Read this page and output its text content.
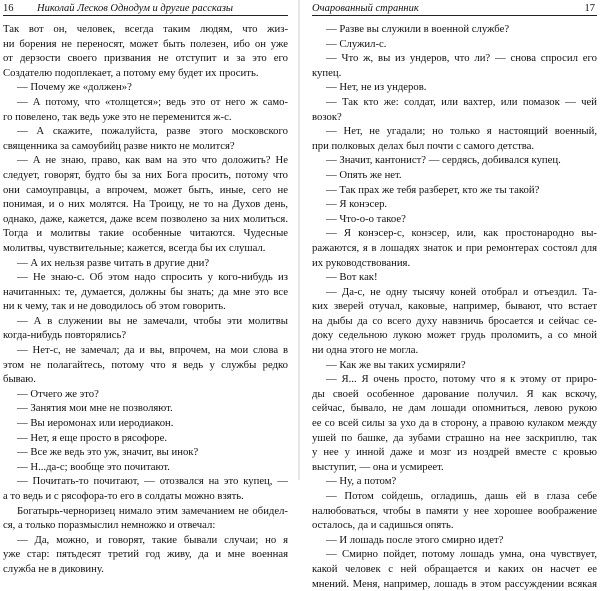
16 Николай Лесков Однодум и другие рассказы
Так вот он, человек, всегда таким людям, что жиз-
ни борения не переносят, может быть полезен, ибо он уже
от дерзости своего призвания не отступит и за это его
Создателю подоплекает, а потому ему будет их просить.
— Почему же «должен»?
— А потому, что «толщется»; ведь это от него ж само-
го повелено, так ведь уже это не переменится ж-с.
— А скажите, пожалуйста, разве этого московского
священника за самоубийц разве никто не молится?
— А не знаю, право, как вам на это что доложить? Не
следует, говорят, будто бы за них Бога просить, потому что
они самоуправцы, а впрочем, может быть, иные, сего не
понимая, и о них молятся. На Троицу, не то на Духов день,
однако, даже, кажется, даже всем позволено за них молиться.
Тогда и молитвы такие особенные читаются. Чудесные
молитвы, чувствительные; кажется, всегда бы их слушал.
— А их нельзя разве читать в другие дни?
— Не знаю-с. Об этом надо спросить у кого-нибудь из
начитанных: те, думается, должны бы знать; да мне это все
ни к чему, так и не доводилось об этом говорить.
— А в служении вы не замечали, чтобы эти молитвы
когда-нибудь повторялись?
— Нет-с, не замечал; да и вы, впрочем, на мои слова в
этом не полагайтесь, потому что я ведь у службы редко
бываю.
— Отчего же это?
— Занятия мои мне не позволяют.
— Вы иеромонах или иеродиакон.
— Нет, я еще просто в рясофоре.
— Все же ведь это уж, значит, вы инок?
— Н...да-с; вообще это почитают.
— Почитать-то почитают, — отозвался на это купец, —
а то ведь и с рясофора-то его в солдаты можно взять.
Богатырь-черноризец нимало этим замечанием не обидел-
ся, а только поразмыслил немножко и отвечал:
— Да, можно, и говорят, такие бывали случаи; но я
уже стар: пятьдесят третий год живу, да и мне военная
служба не в диковину.
Очарованный странник	17
— Разве вы служили в военной службе?
— Служил-с.
— Что ж, вы из ундеров, что ли? — снова спросил его
купец.
— Нет, не из ундеров.
— Так кто же: солдат, или вахтер, или помазок — чей
возок?
— Нет, не угадали; но только я настоящий военный,
при полковых делах был почти с самого детства.
— Значит, кантонист? — сердясь, добивался купец.
— Опять же нет.
— Так прах же тебя разберет, кто же ты такой?
— Я конэсер.
— Что-о-о такое?
— Я конэсер-с, конэсер, или, как простонародно вы-
ражаются, я в лошадях знаток и при ремонтерах состоял для
их руководствования.
— Вот как!
— Да-с, не одну тысячу коней отобрал и отъездил. Та-
ких зверей отучал, каковые, например, бывают, что встает
на дыбы да со всего духу навзничь бросается и сейчас се-
доку седельною лукою может грудь проломить, а со мной
ни одна этого не могла.
— Как же вы таких усмиряли?
— Я... Я очень просто, потому что я к этому от приро-
ды своей особенное дарование получил. Я как вскочу,
сейчас, бывало, не дам лошади опомниться, левою рукою
ее со всей силы за ухо да в сторону, а правою кулаком между
ушей по башке, да зубами страшно на нее заскриплю, так
у нее у инной даже и мозг из ноздрей вместе с кровью
выступит, — она и усмиреет.
— Ну, а потом?
— Потом сойдешь, огладишь, дашь ей в глаза себе
налюбоваться, чтобы в памяти у нее хорошее воображение
осталось, да и садишься опять.
— И лошадь после этого смирно идет?
— Смирно пойдет, потому лошадь умна, она чувствует,
какой человек с ней обращается и каких он насчет ее
мнений. Меня, например, лошадь в этом рассуждении всякая
